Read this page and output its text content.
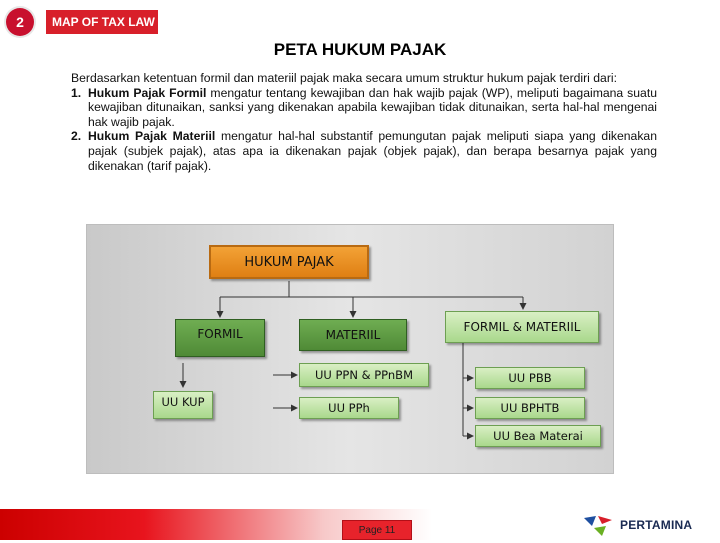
2 MAP OF TAX LAW
PETA HUKUM PAJAK

Berdasarkan ketentuan formil dan materiil pajak maka secara umum struktur hukum pajak terdiri dari:

1. Hukum Pajak Formil mengatur tentang kewajiban dan hak wajib pajak (WP), meliputi bagaimana suatu kewajiban ditunaikan, sanksi yang dikenakan apabila kewajiban tidak ditunaikan, serta hal-hal mengenai hak wajib pajak.
2. Hukum Pajak Materiil mengatur hal-hal substantif pemungutan pajak meliputi siapa yang dikenakan pajak (subjek pajak), atas apa ia dikenakan pajak (objek pajak), dan berapa besarnya pajak yang dikenakan (tarif pajak).
HUKUM PAJAK
FORMIL	MATERIIL
FORMIL & MATERIIL
UU PPN & PPnBM	UU PBB
UU KUP	UU PPh	UU BPHTB
UU Bea Materai
Page 11	PERTAMINA
